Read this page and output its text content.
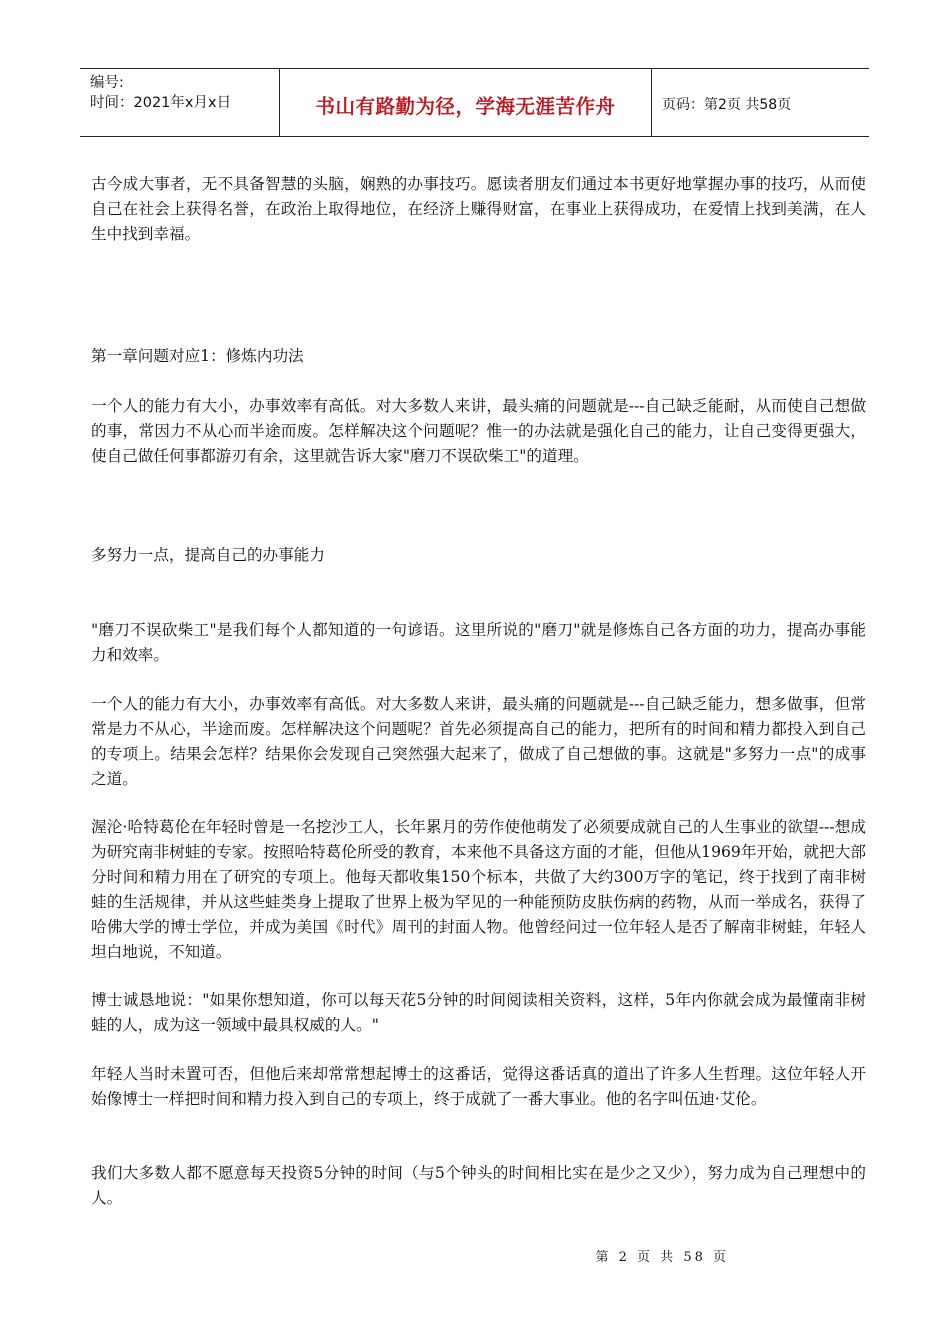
编号:
时间：2021年x月x日	书山有路勤为径，学海无涯苦作舟	页码：第2页 共58页

古今成大事者，无不具备智慧的头脑，娴熟的办事技巧。愿读者朋友们通过本书更好地掌握办事的技巧，从而使自己在社会上获得名誉，在政治上取得地位，在经济上赚得财富，在事业上获得成功，在爱情上找到美满，在人生中找到幸福。

第一章问题对应1：修炼内功法

一个人的能力有大小，办事效率有高低。对大多数人来讲，最头痛的问题就是---自己缺乏能耐，从而使自己想做的事，常因力不从心而半途而废。怎样解决这个问题呢？惟一的办法就是强化自己的能力，让自己变得更强大，使自己做任何事都游刃有余，这里就告诉大家"磨刀不误砍柴工"的道理。

多努力一点，提高自己的办事能力

"磨刀不误砍柴工"是我们每个人都知道的一句谚语。这里所说的"磨刀"就是修炼自己各方面的功力，提高办事能力和效率。

一个人的能力有大小，办事效率有高低。对大多数人来讲，最头痛的问题就是---自己缺乏能力，想多做事，但常常是力不从心，半途而废。怎样解决这个问题呢？首先必须提高自己的能力，把所有的时间和精力都投入到自己的专项上。结果会怎样？结果你会发现自己突然强大起来了，做成了自己想做的事。这就是"多努力一点"的成事之道。

渥沦·哈特葛伦在年轻时曾是一名挖沙工人，长年累月的劳作使他萌发了必须要成就自己的人生事业的欲望---想成为研究南非树蛙的专家。按照哈特葛伦所受的教育，本来他不具备这方面的才能，但他从1969年开始，就把大部分时间和精力用在了研究的专项上。他每天都收集150个标本，共做了大约300万字的笔记，终于找到了南非树蛙的生活规律，并从这些蛙类身上提取了世界上极为罕见的一种能预防皮肤伤病的药物，从而一举成名，获得了哈佛大学的博士学位，并成为美国《时代》周刊的封面人物。他曾经问过一位年轻人是否了解南非树蛙，年轻人坦白地说，不知道。

博士诚恳地说："如果你想知道，你可以每天花5分钟的时间阅读相关资料，这样，5年内你就会成为最懂南非树蛙的人，成为这一领域中最具权威的人。"

年轻人当时未置可否，但他后来却常常想起博士的这番话，觉得这番话真的道出了许多人生哲理。这位年轻人开始像博士一样把时间和精力投入到自己的专项上，终于成就了一番大事业。他的名字叫伍迪·艾伦。

我们大多数人都不愿意每天投资5分钟的时间（与5个钟头的时间相比实在是少之又少），努力成为自己理想中的人。

第 2 页 共 58 页
